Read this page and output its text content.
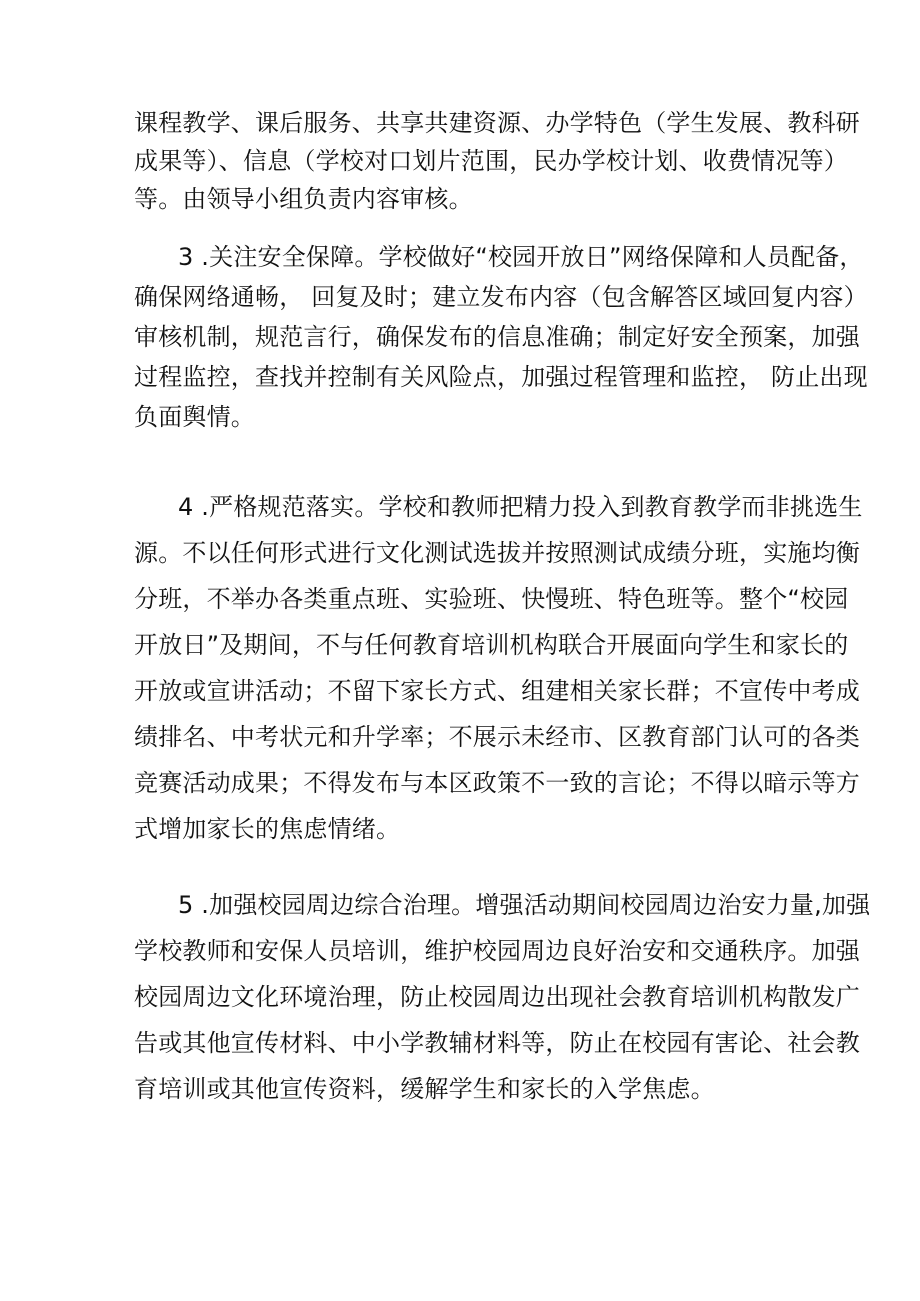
课程教学、课后服务、共享共建资源、办学特色（学生发展、教科研
成果等）、信息（学校对口划片范围，民办学校计划、收费情况等）
等。由领导小组负责内容审核。
3 .关注安全保障。学校做好“校园开放日”网络保障和人员配备，
确保网络通畅， 回复及时；建立发布内容（包含解答区域回复内容）
审核机制，规范言行，确保发布的信息准确；制定好安全预案，加强
过程监控，查找并控制有关风险点，加强过程管理和监控， 防止出现
负面舆情。
4 .严格规范落实。学校和教师把精力投入到教育教学而非挑选生
源。不以任何形式进行文化测试选拔并按照测试成绩分班，实施均衡
分班，不举办各类重点班、实验班、快慢班、特色班等。整个“校园
开放日”及期间，不与任何教育培训机构联合开展面向学生和家长的
开放或宣讲活动；不留下家长方式、组建相关家长群；不宣传中考成
绩排名、中考状元和升学率；不展示未经市、区教育部门认可的各类
竞赛活动成果；不得发布与本区政策不一致的言论；不得以暗示等方
式增加家长的焦虑情绪。
5 .加强校园周边综合治理。增强活动期间校园周边治安力量,加强
学校教师和安保人员培训，维护校园周边良好治安和交通秩序。加强
校园周边文化环境治理，防止校园周边出现社会教育培训机构散发广
告或其他宣传材料、中小学教辅材料等，防止在校园有害论、社会教
育培训或其他宣传资料，缓解学生和家长的入学焦虑。
